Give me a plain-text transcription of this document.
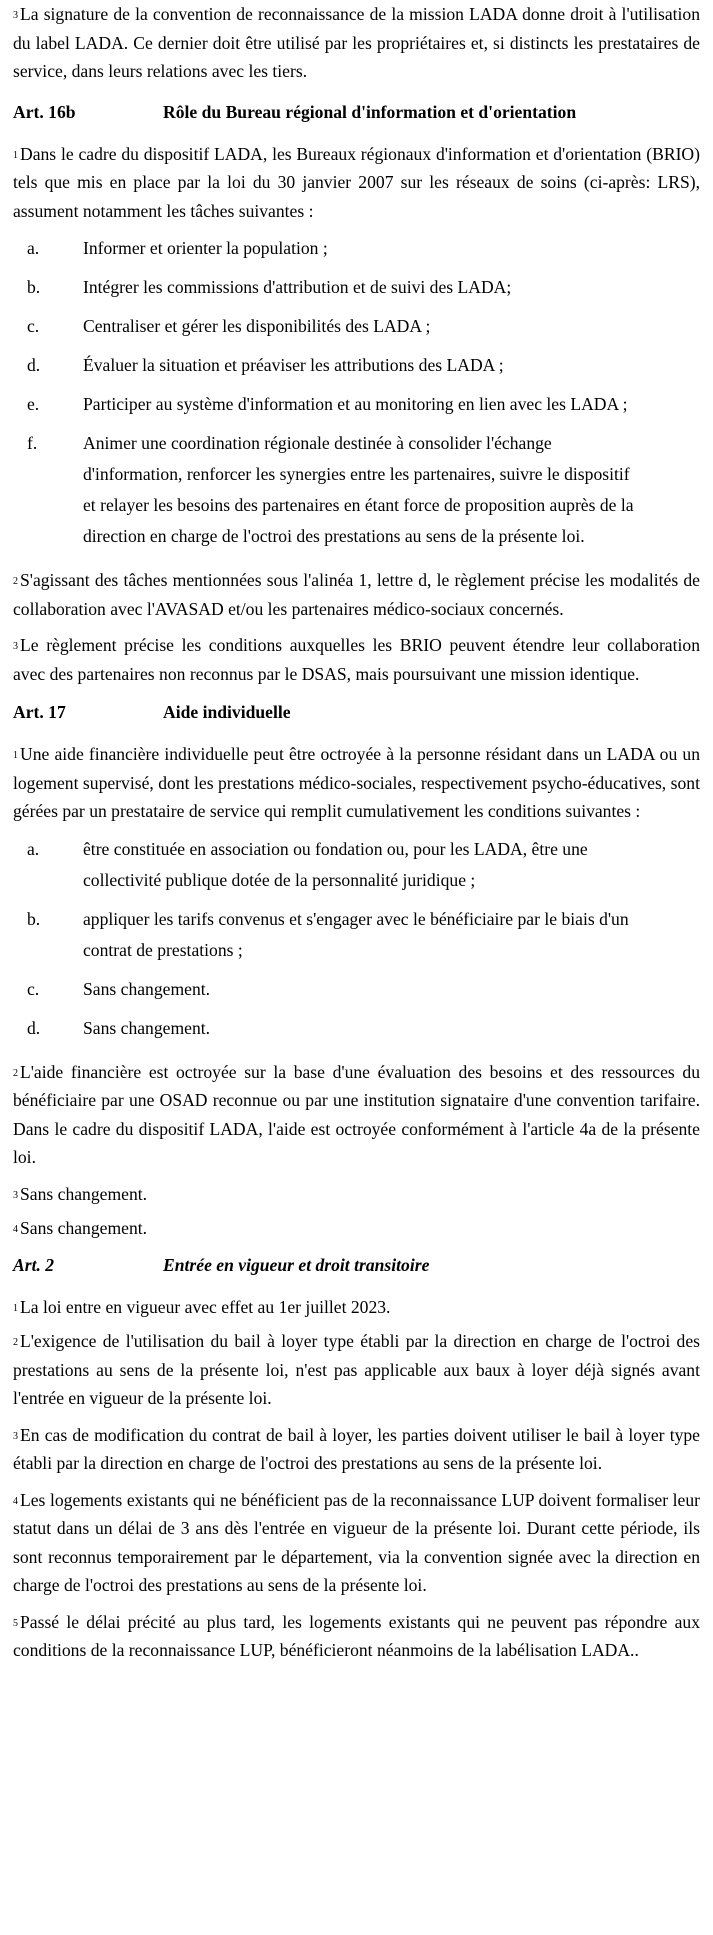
$^3$ La signature de la convention de reconnaissance de la mission LADA donne droit à l'utilisation du label LADA. Ce dernier doit être utilisé par les propriétaires et, si distincts les prestataires de service, dans leurs relations avec les tiers.

Art. 16b	Rôle du Bureau régional d'information et d'orientation

$^1$ Dans le cadre du dispositif LADA, les Bureaux régionaux d'information et d'orientation (BRIO) tels que mis en place par la loi du 30 janvier 2007 sur les réseaux de soins (ci-après: LRS), assument notamment les tâches suivantes :

a.	Informer et orienter la population ;
b.	Intégrer les commissions d'attribution et de suivi des LADA;
c.	Centraliser et gérer les disponibilités des LADA ;
d.	Évaluer la situation et préaviser les attributions des LADA ;
e.	Participer au système d'information et au monitoring en lien avec les LADA ;
f.	Animer une coordination régionale destinée à consolider l'échange d'information, renforcer les synergies entre les partenaires, suivre le dispositif et relayer les besoins des partenaires en étant force de proposition auprès de la direction en charge de l'octroi des prestations au sens de la présente loi.

$^2$ S'agissant des tâches mentionnées sous l'alinéa 1, lettre d, le règlement précise les modalités de collaboration avec l'AVASAD et/ou les partenaires médico-sociaux concernés.

$^3$ Le règlement précise les conditions auxquelles les BRIO peuvent étendre leur collaboration avec des partenaires non reconnus par le DSAS, mais poursuivant une mission identique.

Art. 17	Aide individuelle

$^1$ Une aide financière individuelle peut être octroyée à la personne résidant dans un LADA ou un logement supervisé, dont les prestations médico-sociales, respectivement psycho-éducatives, sont gérées par un prestataire de service qui remplit cumulativement les conditions suivantes :

a.	être constituée en association ou fondation ou, pour les LADA, être une collectivité publique dotée de la personnalité juridique ;
b.	appliquer les tarifs convenus et s'engager avec le bénéficiaire par le biais d'un contrat de prestations ;
c.	Sans changement.
d.	Sans changement.

$^2$ L'aide financière est octroyée sur la base d'une évaluation des besoins et des ressources du bénéficiaire par une OSAD reconnue ou par une institution signataire d'une convention tarifaire. Dans le cadre du dispositif LADA, l'aide est octroyée conformément à l'article 4a de la présente loi.

$^3$ Sans changement.

$^4$ Sans changement.

Art. 2	Entrée en vigueur et droit transitoire

$^1$ La loi entre en vigueur avec effet au 1er juillet 2023.

$^2$ L'exigence de l'utilisation du bail à loyer type établi par la direction en charge de l'octroi des prestations au sens de la présente loi, n'est pas applicable aux baux à loyer déjà signés avant l'entrée en vigueur de la présente loi.

$^3$ En cas de modification du contrat de bail à loyer, les parties doivent utiliser le bail à loyer type établi par la direction en charge de l'octroi des prestations au sens de la présente loi.

$^4$ Les logements existants qui ne bénéficient pas de la reconnaissance LUP doivent formaliser leur statut dans un délai de 3 ans dès l'entrée en vigueur de la présente loi. Durant cette période, ils sont reconnus temporairement par le département, via la convention signée avec la direction en charge de l'octroi des prestations au sens de la présente loi.

$^5$ Passé le délai précité au plus tard, les logements existants qui ne peuvent pas répondre aux conditions de la reconnaissance LUP, bénéficieront néanmoins de la labélisation LADA..
